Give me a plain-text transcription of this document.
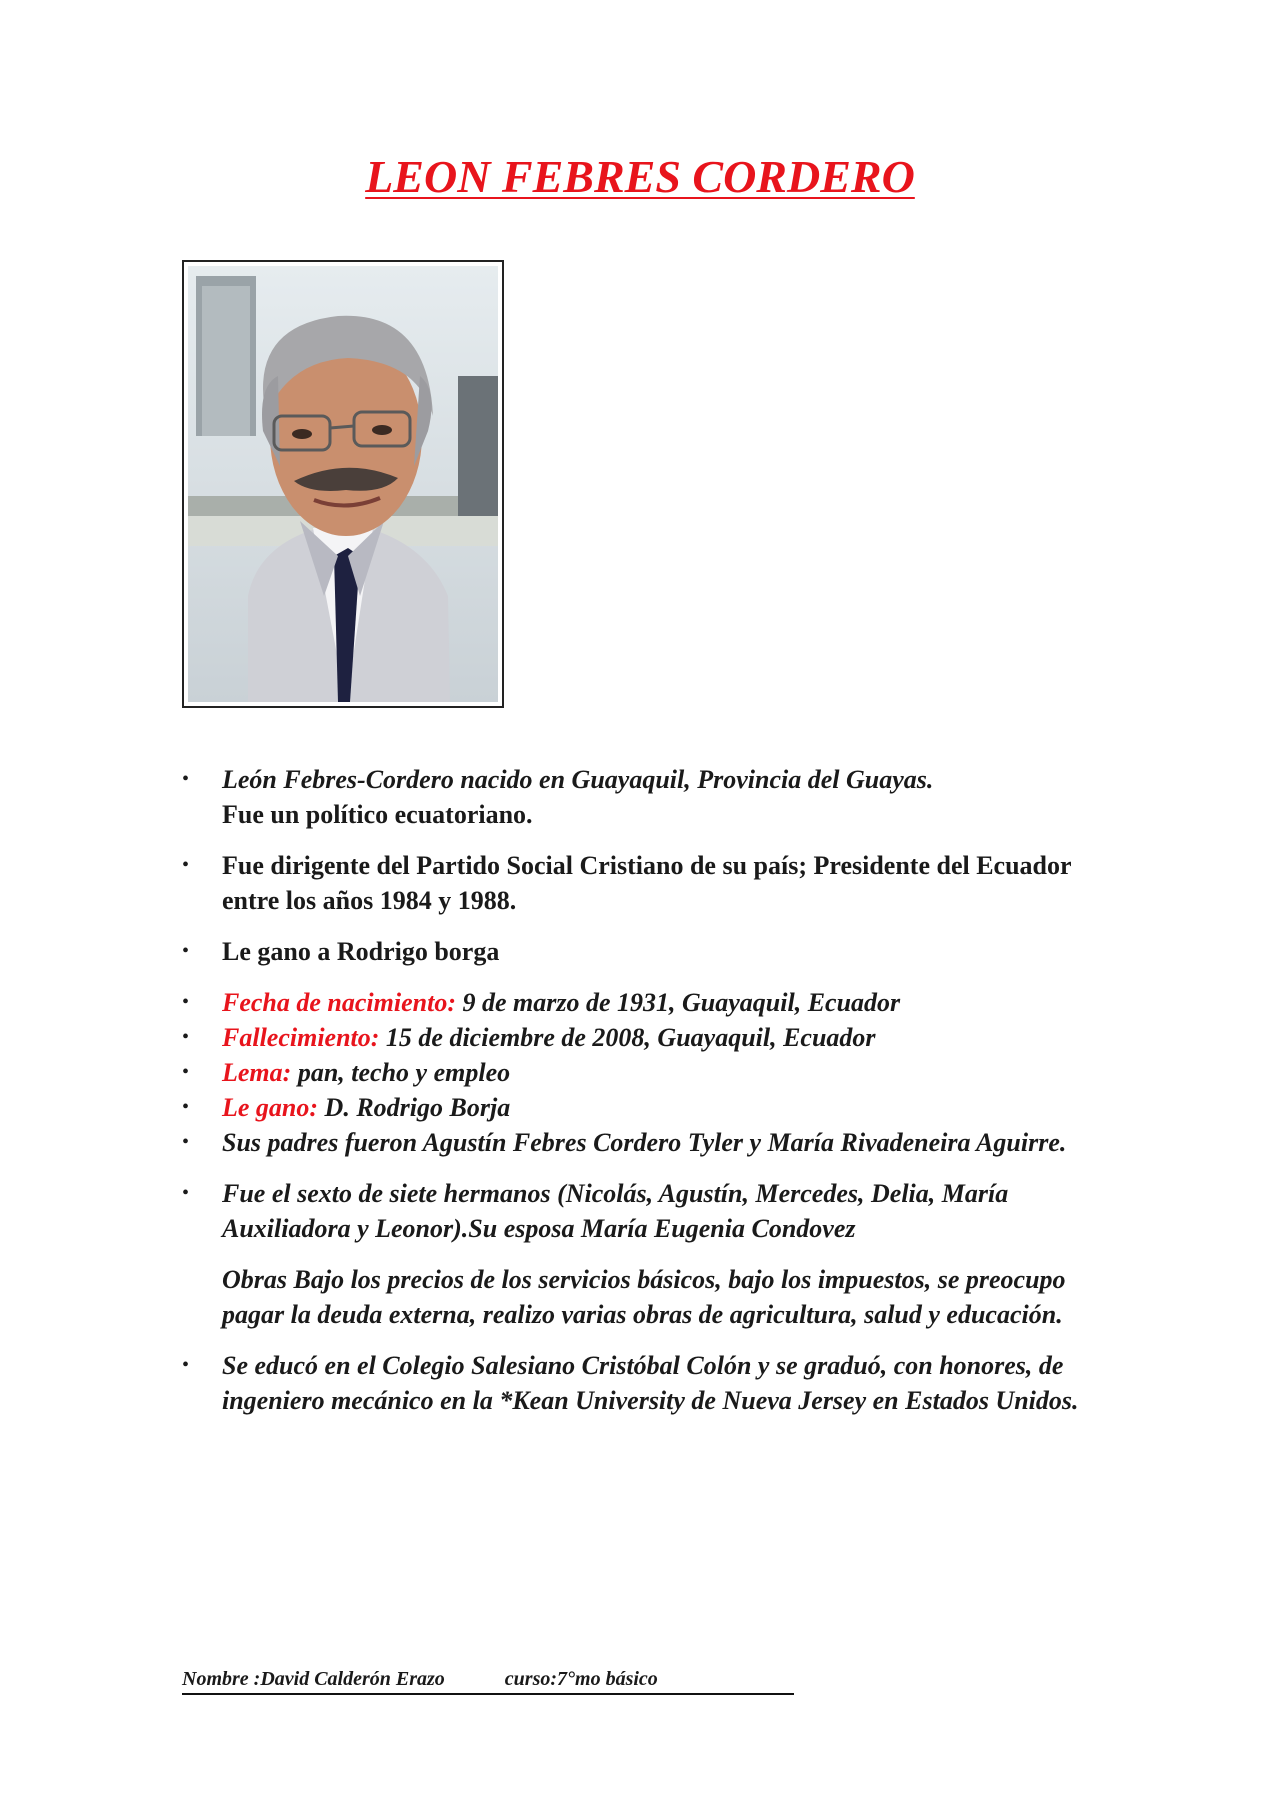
LEON FEBRES CORDERO
• León Febres-Cordero nacido en Guayaquil, Provincia del Guayas.
Fue un político ecuatoriano.
• Fue dirigente del Partido Social Cristiano de su país; Presidente del Ecuador entre los años 1984 y 1988.
• Le gano a Rodrigo borga
• Fecha de nacimiento: 9 de marzo de 1931, Guayaquil, Ecuador
• Fallecimiento: 15 de diciembre de 2008, Guayaquil, Ecuador
• Lema: pan, techo y empleo
• Le gano: D. Rodrigo Borja
• Sus padres fueron Agustín Febres Cordero Tyler y María Rivadeneira Aguirre.
• Fue el sexto de siete hermanos (Nicolás, Agustín, Mercedes, Delia, María Auxiliadora y Leonor).Su esposa María Eugenia Condovez
Obras Bajo los precios de los servicios básicos, bajo los impuestos, se preocupo pagar la deuda externa, realizo varias obras de agricultura, salud y educación.
• Se educó en el Colegio Salesiano Cristóbal Colón y se graduó, con honores, de ingeniero mecánico en la *Kean University de Nueva Jersey en Estados Unidos.
Nombre :David Calderón Erazo	curso:7°mo básico
